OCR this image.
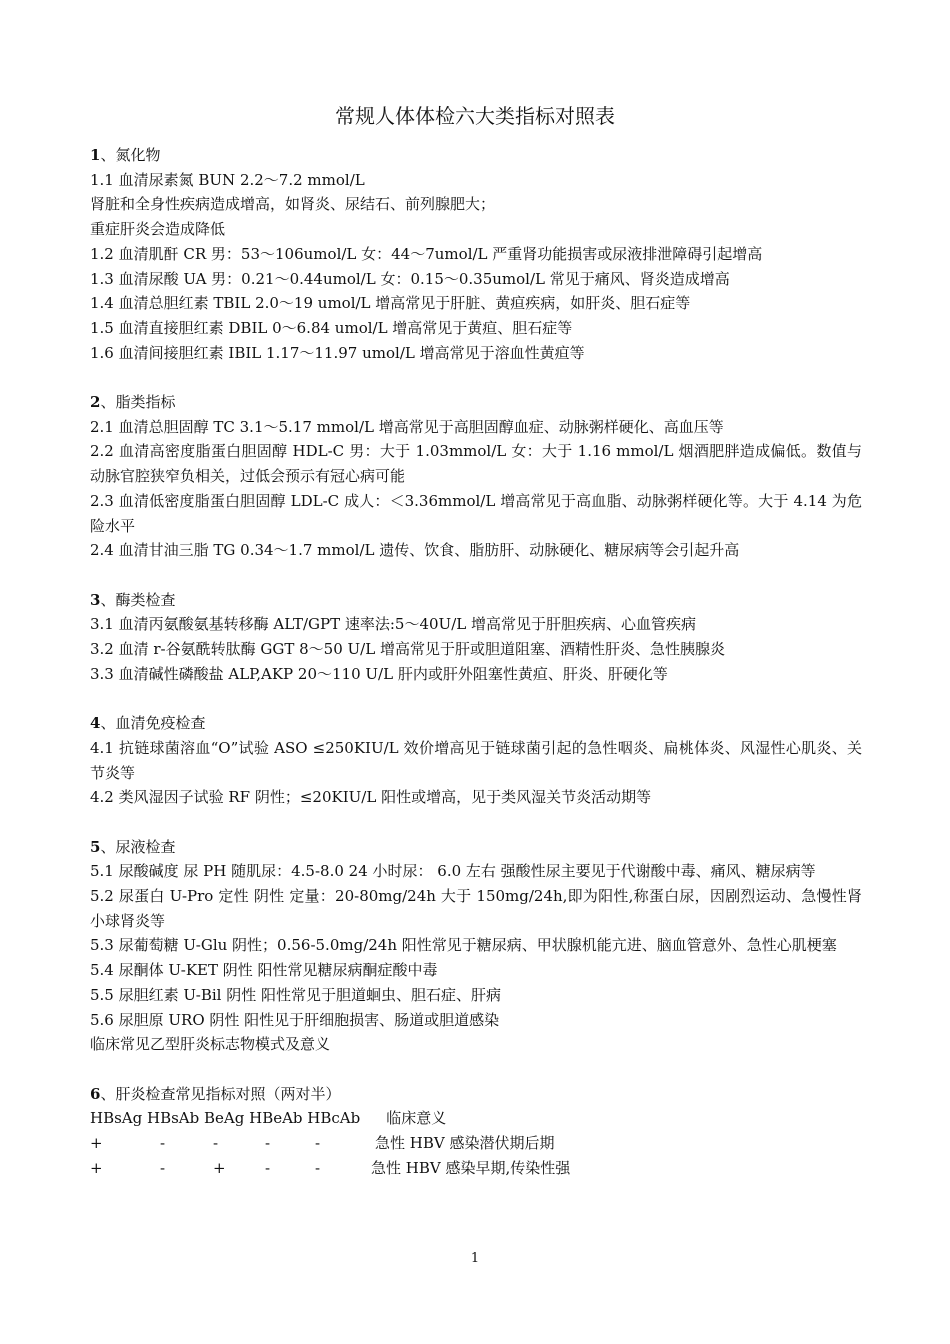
常规人体体检六大类指标对照表
1、氮化物
1.1 血清尿素氮 BUN 2.2～7.2 mmol/L
肾脏和全身性疾病造成增高，如肾炎、尿结石、前列腺肥大；
重症肝炎会造成降低
1.2 血清肌酐 CR 男：53～106umol/L 女：44～7umol/L 严重肾功能损害或尿液排泄障碍引起增高
1.3 血清尿酸 UA 男：0.21～0.44umol/L 女：0.15～0.35umol/L 常见于痛风、肾炎造成增高
1.4 血清总胆红素 TBIL 2.0～19 umol/L 增高常见于肝脏、黄疸疾病，如肝炎、胆石症等
1.5 血清直接胆红素 DBIL 0～6.84 umol/L 增高常见于黄疸、胆石症等
1.6 血清间接胆红素 IBIL 1.17～11.97 umol/L 增高常见于溶血性黄疸等
2、脂类指标
2.1 血清总胆固醇 TC 3.1～5.17 mmol/L 增高常见于高胆固醇血症、动脉粥样硬化、高血压等
2.2 血清高密度脂蛋白胆固醇 HDL-C 男：大于 1.03mmol/L 女：大于 1.16 mmol/L 烟酒肥胖造成偏低。数值与动脉官腔狭窄负相关，过低会预示有冠心病可能
2.3 血清低密度脂蛋白胆固醇 LDL-C 成人：＜3.36mmol/L 增高常见于高血脂、动脉粥样硬化等。大于 4.14 为危险水平
2.4 血清甘油三脂 TG 0.34～1.7 mmol/L 遗传、饮食、脂肪肝、动脉硬化、糖尿病等会引起升高
3、酶类检查
3.1 血清丙氨酸氨基转移酶 ALT/GPT 速率法:5～40U/L 增高常见于肝胆疾病、心血管疾病
3.2 血清 r-谷氨酰转肽酶 GGT 8～50 U/L 增高常见于肝或胆道阻塞、酒精性肝炎、急性胰腺炎
3.3 血清碱性磷酸盐 ALP,AKP 20～110 U/L 肝内或肝外阻塞性黄疸、肝炎、肝硬化等
4、血清免疫检查
4.1 抗链球菌溶血“O”试验 ASO ≤250KIU/L 效价增高见于链球菌引起的急性咽炎、扁桃体炎、风湿性心肌炎、关节炎等
4.2 类风湿因子试验 RF 阴性；≤20KIU/L 阳性或增高，见于类风湿关节炎活动期等
5、尿液检查
5.1 尿酸碱度 尿 PH 随肌尿：4.5-8.0 24 小时尿： 6.0 左右 强酸性尿主要见于代谢酸中毒、痛风、糖尿病等
5.2 尿蛋白 U-Pro 定性 阴性 定量：20-80mg/24h 大于 150mg/24h,即为阳性,称蛋白尿，因剧烈运动、急慢性肾小球肾炎等
5.3 尿葡萄糖 U-Glu 阴性；0.56-5.0mg/24h 阳性常见于糖尿病、甲状腺机能亢进、脑血管意外、急性心肌梗塞
5.4 尿酮体 U-KET 阴性 阳性常见糖尿病酮症酸中毒
5.5 尿胆红素 U-Bil 阴性 阳性常见于胆道蛔虫、胆石症、肝病
5.6 尿胆原 URO 阴性 阳性见于肝细胞损害、肠道或胆道感染
临床常见乙型肝炎标志物模式及意义
6、肝炎检查常见指标对照（两对半）
HBsAg HBsAb BeAg HBeAb HBcAb 临床意义
+	-	-	-	-	急性 HBV 感染潜伏期后期
+	-	+	-	-	急性 HBV 感染早期,传染性强
1
